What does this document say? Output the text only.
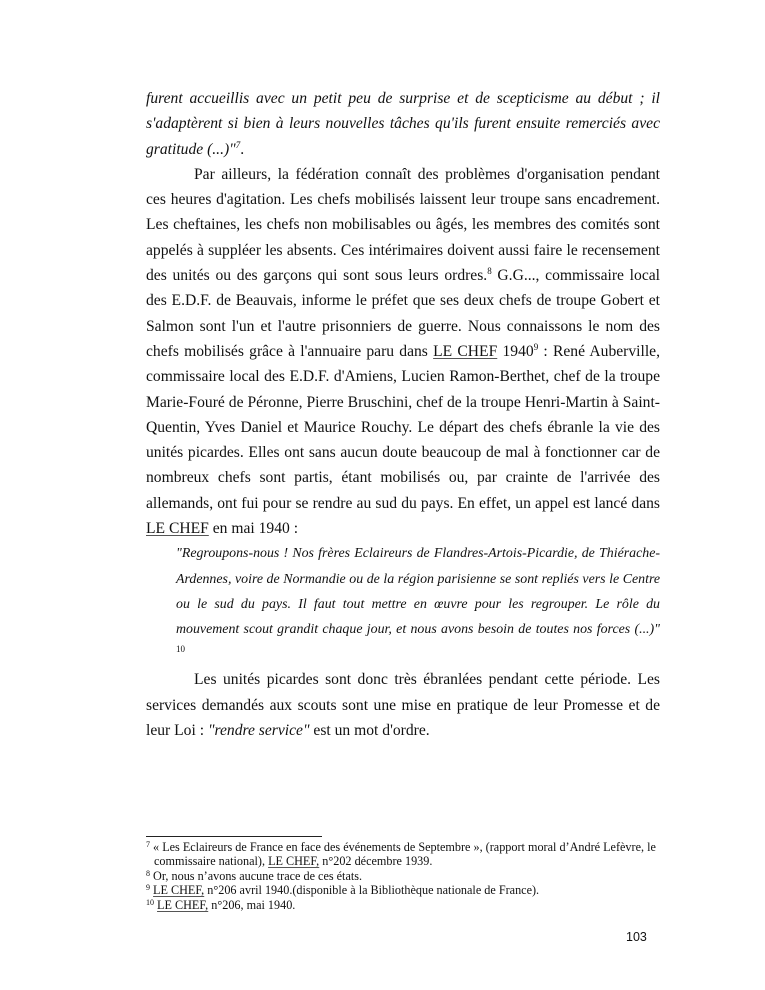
furent accueillis avec un petit peu de surprise et de scepticisme au début ; il s'adaptèrent si bien à leurs nouvelles tâches qu'ils furent ensuite remerciés avec gratitude (...)"$^7$.

Par ailleurs, la fédération connaît des problèmes d'organisation pendant ces heures d'agitation. Les chefs mobilisés laissent leur troupe sans encadrement. Les cheftaines, les chefs non mobilisables ou âgés, les membres des comités sont appelés à suppléer les absents. Ces intérimaires doivent aussi faire le recensement des unités ou des garçons qui sont sous leurs ordres.$^8$ G.G..., commissaire local des E.D.F. de Beauvais, informe le préfet que ses deux chefs de troupe Gobert et Salmon sont l'un et l'autre prisonniers de guerre. Nous connaissons le nom des chefs mobilisés grâce à l'annuaire paru dans LE CHEF 1940$^9$ : René Auberville, commissaire local des E.D.F. d'Amiens, Lucien Ramon-Berthet, chef de la troupe Marie-Fouré de Péronne, Pierre Bruschini, chef de la troupe Henri-Martin à Saint-Quentin, Yves Daniel et Maurice Rouchy. Le départ des chefs ébranle la vie des unités picardes. Elles ont sans aucun doute beaucoup de mal à fonctionner car de nombreux chefs sont partis, étant mobilisés ou, par crainte de l'arrivée des allemands, ont fui pour se rendre au sud du pays. En effet, un appel est lancé dans LE CHEF en mai 1940 :

"Regroupons-nous ! Nos frères Eclaireurs de Flandres-Artois-Picardie, de Thiérache-Ardennes, voire de Normandie ou de la région parisienne se sont repliés vers le Centre ou le sud du pays. Il faut tout mettre en œuvre pour les regrouper. Le rôle du mouvement scout grandit chaque jour, et nous avons besoin de toutes nos forces (...)" $^{10}$

Les unités picardes sont donc très ébranlées pendant cette période. Les services demandés aux scouts sont une mise en pratique de leur Promesse et de leur Loi : "rendre service" est un mot d'ordre.

$^7$ « Les Eclaireurs de France en face des événements de Septembre », (rapport moral d’André Lefèvre, le

commissaire national), LE CHEF, n°202 décembre 1939.

$^8$ Or, nous n’avons aucune trace de ces états.

$^9$ LE CHEF, n°206 avril 1940.(disponible à la Bibliothèque nationale de France).

$^{10}$ LE CHEF, n°206, mai 1940.

103
